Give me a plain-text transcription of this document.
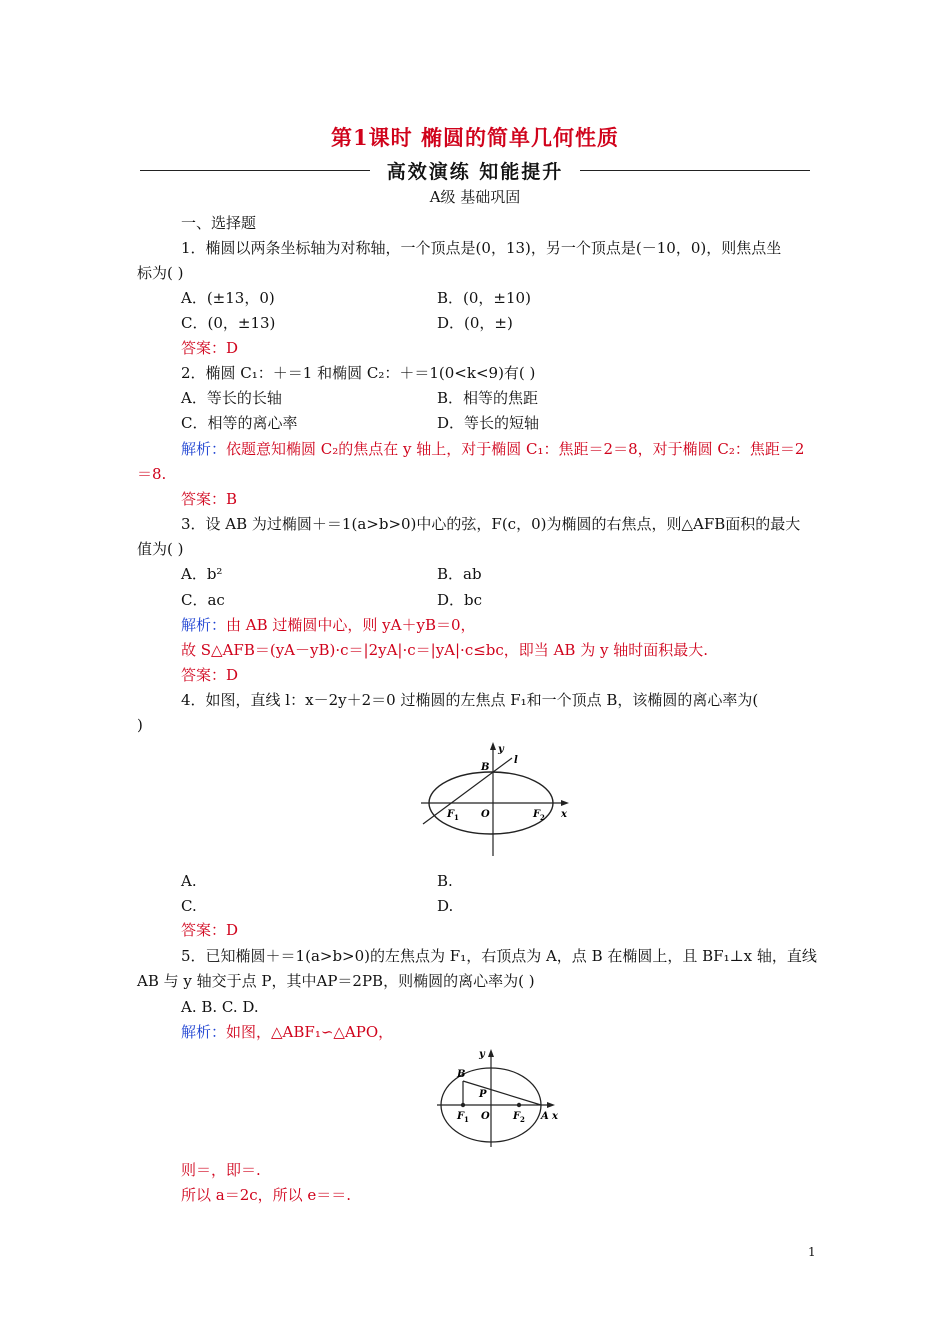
第1课时 椭圆的简单几何性质
高效演练 知能提升
A级 基础巩固
一、选择题
1．椭圆以两条坐标轴为对称轴，一个顶点是(0，13)，另一个顶点是(－10，0)，则焦点坐
标为( )
A．(±13，0)	B．(0，±10)
C．(0，±13)	D．(0，±)
答案：D
2．椭圆 C₁：＋＝1 和椭圆 C₂：＋＝1(0<k<9)有( )
A．等长的长轴	B．相等的焦距
C．相等的离心率	D．等长的短轴
解析：依题意知椭圆 C₂的焦点在 y 轴上，对于椭圆 C₁：焦距＝2＝8，对于椭圆 C₂：焦距＝2
＝8.
答案：B
3．设 AB 为过椭圆＋＝1(a>b>0)中心的弦，F(c，0)为椭圆的右焦点，则△AFB面积的最大
值为( )
A．b²	B．ab
C．ac	D．bc
解析：由 AB 过椭圆中心，则 yA＋yB＝0，
故 S△AFB＝(yA－yB)·c＝|2yA|·c＝|yA|·c≤bc，即当 AB 为 y 轴时面积最大.
答案：D
4．如图，直线 l：x－2y＋2＝0 过椭圆的左焦点 F₁和一个顶点 B，该椭圆的离心率为(
)
y
l
B
F 1 O	F 2 x
A.	B.
C.	D.
答案：D
5．已知椭圆＋＝1(a>b>0)的左焦点为 F₁，右顶点为 A，点 B 在椭圆上，且 BF₁⊥x 轴，直线
AB 与 y 轴交于点 P，其中AP＝2PB，则椭圆的离心率为( )
A. B. C. D.
解析：如图，△ABF₁∽△APO，
y
B
P
F 1 O F 2 A x
则＝，即＝.
所以 a＝2c，所以 e＝＝.
1
